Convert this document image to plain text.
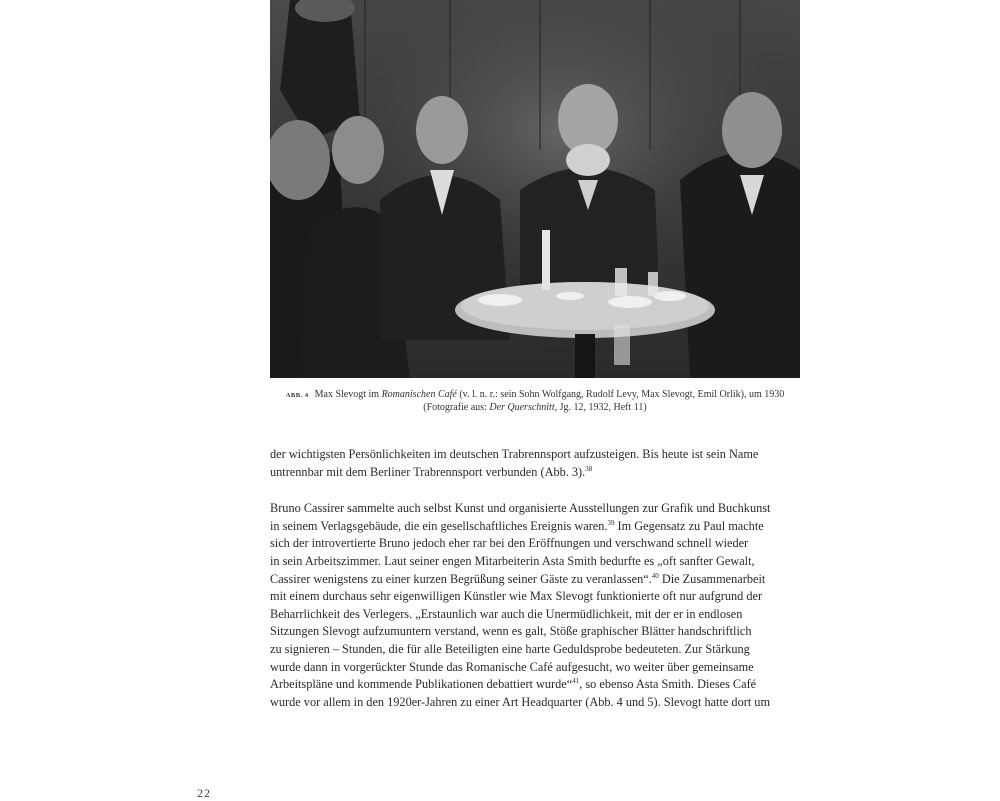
ABB. 4 Max Slevogt im Romanischen Café (v. l. n. r.: sein Sohn Wolfgang, Rudolf Levy, Max Slevogt, Emil Orlik), um 1930
(Fotografie aus: Der Querschnitt, Jg. 12, 1932, Heft 11)
der wichtigsten Persönlichkeiten im deutschen Trabrennsport aufzusteigen. Bis heute ist sein Name
untrennbar mit dem Berliner Trabrennsport verbunden (Abb. 3).$^{38}$
Bruno Cassirer sammelte auch selbst Kunst und organisierte Ausstellungen zur Grafik und Buchkunst
in seinem Verlagsgebäude, die ein gesellschaftliches Ereignis waren.$^{39}$ Im Gegensatz zu Paul machte
sich der introvertierte Bruno jedoch eher rar bei den Eröffnungen und verschwand schnell wieder
in sein Arbeitszimmer. Laut seiner engen Mitarbeiterin Asta Smith bedurfte es „oft sanfter Gewalt,
Cassirer wenigstens zu einer kurzen Begrüßung seiner Gäste zu veranlassen“.$^{40}$ Die Zusammenarbeit
mit einem durchaus sehr eigenwilligen Künstler wie Max Slevogt funktionierte oft nur aufgrund der
Beharrlichkeit des Verlegers. „Erstaunlich war auch die Unermüdlichkeit, mit der er in endlosen
Sitzungen Slevogt aufzumuntern verstand, wenn es galt, Stöße graphischer Blätter handschriftlich
zu signieren – Stunden, die für alle Beteiligten eine harte Geduldsprobe bedeuteten. Zur Stärkung
wurde dann in vorgerückter Stunde das Romanische Café aufgesucht, wo weiter über gemeinsame
Arbeitspläne und kommende Publikationen debattiert wurde“$^{41}$, so ebenso Asta Smith. Dieses Café
wurde vor allem in den 1920er-Jahren zu einer Art Headquarter (Abb. 4 und 5). Slevogt hatte dort um
22
